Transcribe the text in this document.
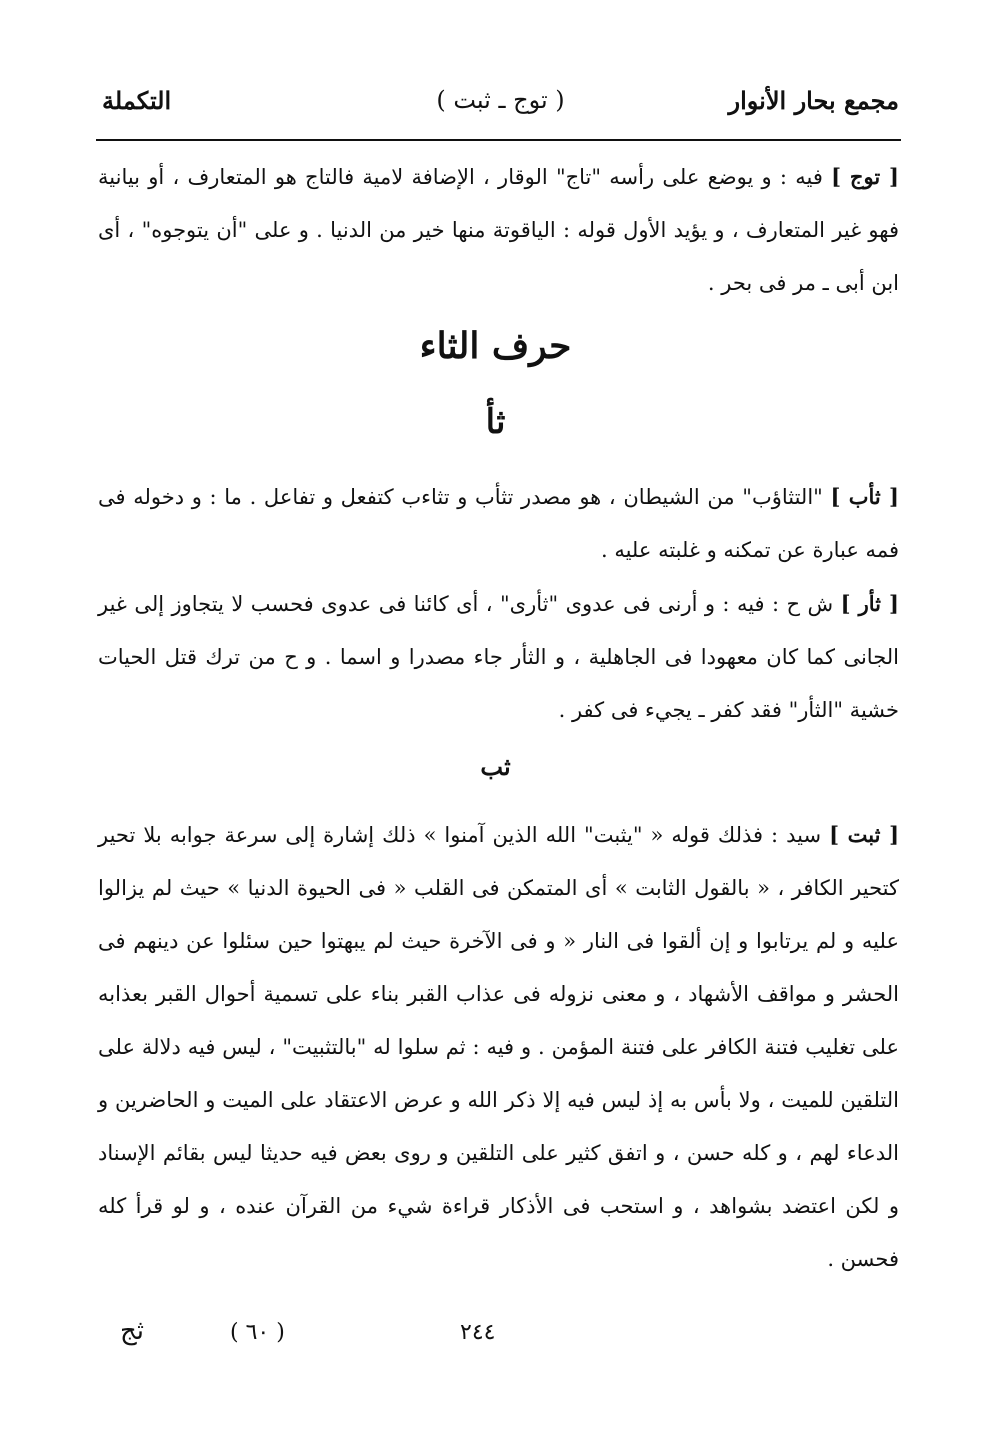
مجمع بحار الأنوار
( توج ـ ثبت )
التكملة

[ توج ] فيه : و يوضع على رأسه "تاج" الوقار ، الإضافة لامية فالتاج هو المتعارف ، أو بيانية فهو غير المتعارف ، و يؤيد الأول قوله : الياقوتة منها خير من الدنيا . و على "أن يتوجوه" ، أى ابن أبى ـ مر فى بحر .

حرف الثاء
ثأ

[ ثأب ] "التثاؤب" من الشيطان ، هو مصدر تثأب و تثاءب كتفعل و تفاعل . ما : و دخوله فى فمه عبارة عن تمكنه و غلبته عليه .

[ ثأر ] ش ح : فيه : و أرنى فى عدوى "ثأرى" ، أى كائنا فى عدوى فحسب لا يتجاوز إلى غير الجانى كما كان معهودا فى الجاهلية ، و الثأر جاء مصدرا و اسما . و ح من ترك قتل الحيات خشية "الثأر" فقد كفر ـ يجيء فى كفر .

ثب

[ ثبت ] سيد : فذلك قوله « "يثبت" الله الذين آمنوا » ذلك إشارة إلى سرعة جوابه بلا تحير كتحير الكافر ، « بالقول الثابت » أى المتمكن فى القلب « فى الحيوة الدنيا » حيث لم يزالوا عليه و لم يرتابوا و إن ألقوا فى النار « و فى الآخرة حيث لم يبهتوا حين سئلوا عن دينهم فى الحشر و مواقف الأشهاد ، و معنى نزوله فى عذاب القبر بناء على تسمية أحوال القبر بعذابه على تغليب فتنة الكافر على فتنة المؤمن . و فيه : ثم سلوا له "بالتثبيت" ، ليس فيه دلالة على التلقين للميت ، ولا بأس به إذ ليس فيه إلا ذكر الله و عرض الاعتقاد على الميت و الحاضرين و الدعاء لهم ، و كله حسن ، و اتفق كثير على التلقين و روى بعض فيه حديثا ليس بقائم الإسناد و لكن اعتضد بشواهد ، و استحب فى الأذكار قراءة شيء من القرآن عنده ، و لو قرأ كله فحسن .

٢٤٤
( ٦٠ )
ثج
